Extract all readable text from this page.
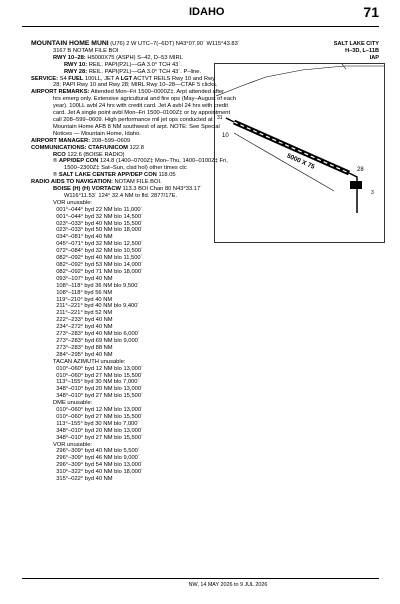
IDAHO	71
SALT LAKE CITY
H–3D, L–11B
IAP
MOUNTAIN HOME MUNI (U76) 2 W UTC–7(–6DT) N43°07.90´ W115°43.83´
3167 B NOTAM FILE BOI
RWY 10–28: H5000X75 (ASPH) S–42, D–53 MIRL
RWY 10: REIL. PAPI(P2L)—GA 3.0° TCH 43´.
RWY 28: REIL. PAPI(P2L)—GA 3.0° TCH 43´. P–line.
SERVICE: S4 FUEL 100LL, JET A LGT ACTVT REILS Rwy 10 and Rwy
28; PAPI Rwy 10 and Rwy 28; MIRL Rwy 10–28—CTAF 5 clicks.
AIRPORT REMARKS: Attended Mon–Fri 1500–0000Z‡. Arpt attended after
hrs emerg only. Extensive agricultural and fire ops (May–August of each
year). 100LL avbl 24 hrs with credit card. Jet A avbl 24 hrs with credit
card. Jet A single point avbl Mon–Fri 1500–0100Z‡ or by appointment
call 208–599–0609. High performance mil jet ops conducted at
Mountain Home AFB 8 NM southwest of arpt. NOTE: See Special
Notices — Mountain Home, Idaho.
AIRPORT MANAGER: 208–599–0609
COMMUNICATIONS: CTAF/UNICOM 122.8
RCO 122.6 (BOISE RADIO)
® APP/DEP CON 124.8 (1400–0700Z‡ Mon–Thu, 1400–0100Z‡ Fri,
1500–2300Z‡ Sat–Sun, clsd hol) other times ctc
® SALT LAKE CENTER APP/DEP CON 118.05
RADIO AIDS TO NAVIGATION: NOTAM FILE BOI.
BOISE (H) (H) VORTACW 113.3 BOI Chan 80 N43°33.17´
W116°11.53´ 124° 32.4 NM to fld. 2877/17E.
VOR unusable:
001°–044° byd 22 NM blo 11,000´
001°–044° byd 32 NM blo 14,500´
023°–033° byd 40 NM blo 15,500´
023°–033° byd 50 NM blo 18,000´
034°–081° byd 40 NM
045°–071° byd 32 NM blo 12,500´
072°–084° byd 32 NM blo 10,500´
082°–092° byd 40 NM blo 11,500´
082°–092° byd 53 NM blo 14,000´
082°–092° byd 71 NM blo 18,000´
093°–107° byd 40 NM
108°–118° byd 36 NM blo 9,500´
108°–118° byd 56 NM
119°–210° byd 40 NM
211°–221° byd 40 NM blo 9,400´
211°–221° byd 52 NM
222°–233° byd 40 NM
234°–272° byd 40 NM
273°–283° byd 40 NM blo 6,000´
273°–283° byd 69 NM blo 9,000´
273°–283° byd 88 NM
284°–295° byd 40 NM
TACAN AZIMUTH unusable:
010°–060° byd 12 NM blo 13,000´
010°–060° byd 27 NM blo 15,500´
113°–155° byd 30 NM blo 7,000´
348°–010° byd 20 NM blo 13,000´
348°–010° byd 27 NM blo 15,500´
DME unusable:
010°–060° byd 12 NM blo 13,000´
010°–060° byd 27 NM blo 15,500´
113°–155° byd 30 NM blo 7,000´
348°–010° byd 20 NM blo 13,000´
348°–010° byd 27 NM blo 15,500´
VOR unusable:
296°–309° byd 40 NM blo 5,500´
296°–309° byd 46 NM blo 9,000´
296°–309° byd 54 NM blo 13,000´
310°–322° byd 40 NM blo 18,000´
315°–022° byd 40 NM
5000 X 75
10
28
31
3
NW, 14 MAY 2026 to 9 JUL 2026
